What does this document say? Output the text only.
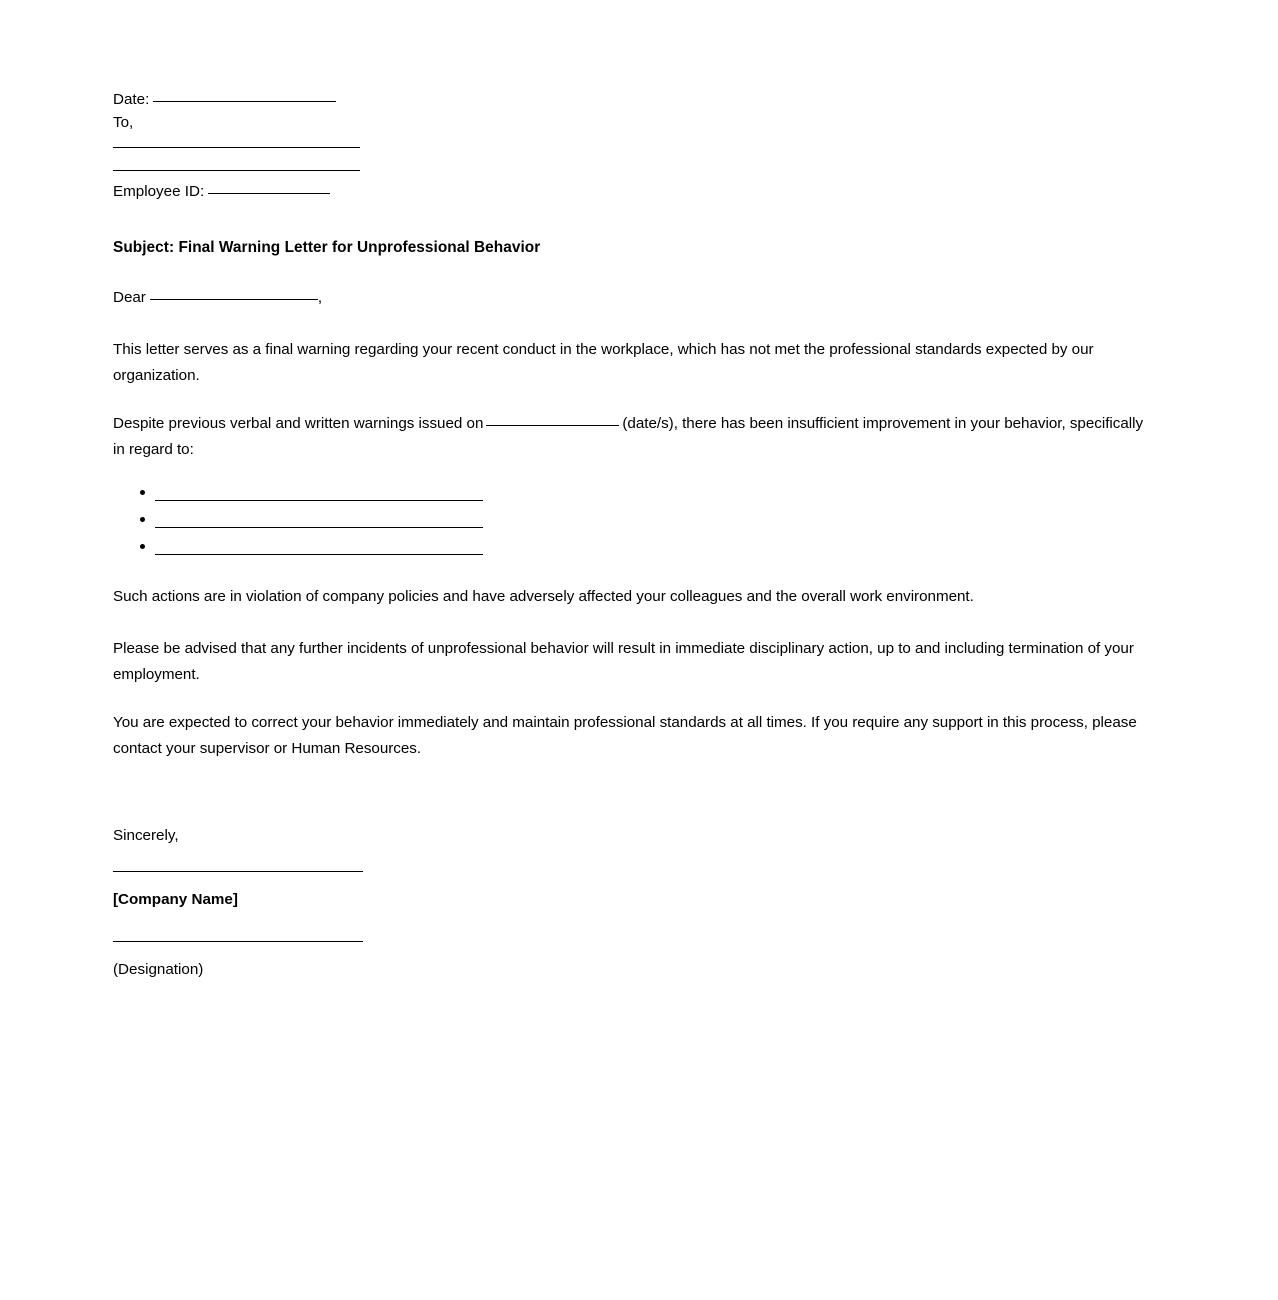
Date:
To,
Employee ID:
Subject: Final Warning Letter for Unprofessional Behavior
Dear	,

This letter serves as a final warning regarding your recent conduct in the workplace, which has not met the professional standards expected by our organization.

Despite previous verbal and written warnings issued on	(date/s), there has been insufficient improvement in your behavior, specifically in regard to:

Such actions are in violation of company policies and have adversely affected your colleagues and the overall work environment.

Please be advised that any further incidents of unprofessional behavior will result in immediate disciplinary action, up to and including termination of your employment.

You are expected to correct your behavior immediately and maintain professional standards at all times. If you require any support in this process, please contact your supervisor or Human Resources.

Sincerely,
[Company Name]
(Designation)
